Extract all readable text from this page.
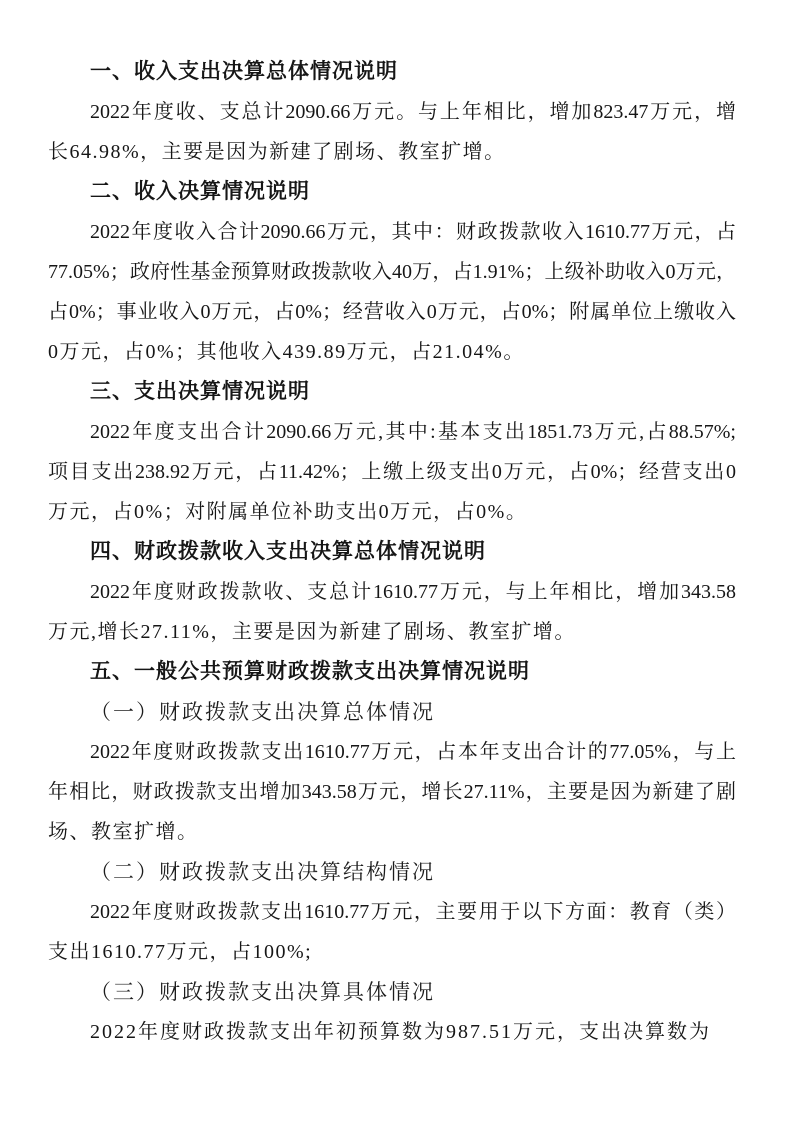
一、收入支出决算总体情况说明
2022年度收、支总计2090.66万元。与上年相比，增加823.47万元，增
长64.98%，主要是因为新建了剧场、教室扩增。
二、收入决算情况说明
2022年度收入合计2090.66万元，其中：财政拨款收入1610.77万元，占
77.05%；政府性基金预算财政拨款收入40万，占1.91%；上级补助收入0万元，
占0%；事业收入0万元，占0%；经营收入0万元，占0%；附属单位上缴收入
0万元，占0%；其他收入439.89万元，占21.04%。
三、支出决算情况说明
2022年度支出合计2090.66万元,其中:基本支出1851.73万元,占88.57%;
项目支出238.92万元，占11.42%；上缴上级支出0万元，占0%；经营支出0
万元，占0%；对附属单位补助支出0万元，占0%。
四、财政拨款收入支出决算总体情况说明
2022年度财政拨款收、支总计1610.77万元，与上年相比，增加343.58
万元,增长27.11%，主要是因为新建了剧场、教室扩增。
五、一般公共预算财政拨款支出决算情况说明
（一）财政拨款支出决算总体情况
2022年度财政拨款支出1610.77万元，占本年支出合计的77.05%，与上
年相比，财政拨款支出增加343.58万元，增长27.11%，主要是因为新建了剧
场、教室扩增。
（二）财政拨款支出决算结构情况
2022年度财政拨款支出1610.77万元，主要用于以下方面：教育（类）
支出1610.77万元，占100%;
（三）财政拨款支出决算具体情况
2022年度财政拨款支出年初预算数为987.51万元，支出决算数为
